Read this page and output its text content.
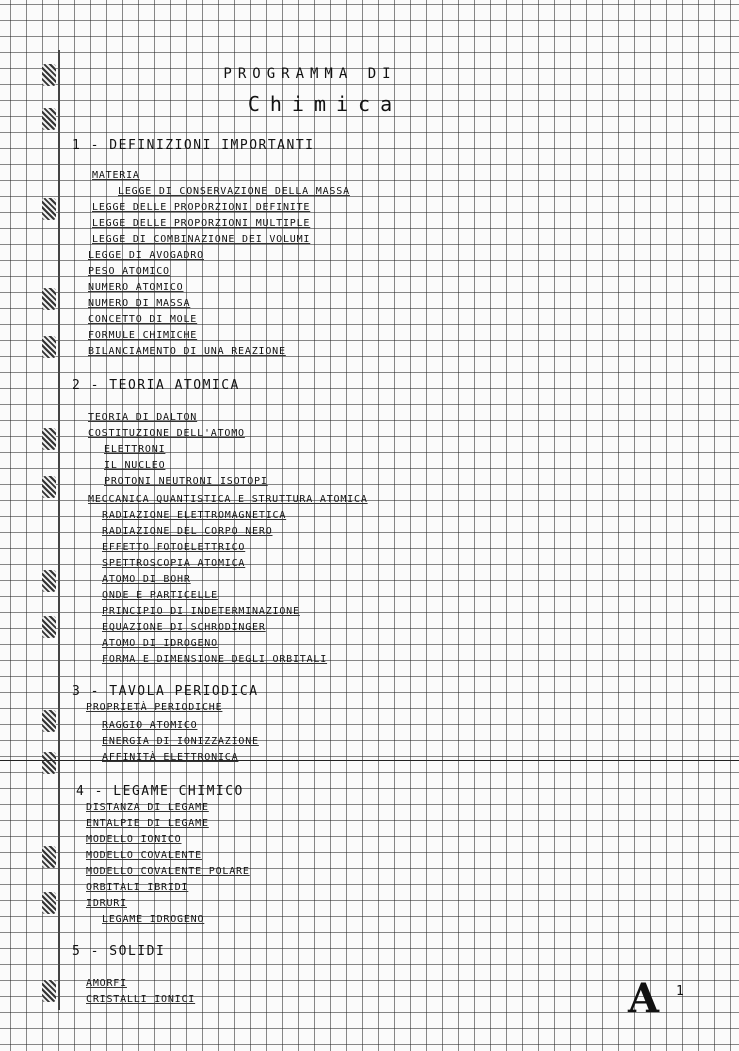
PROGRAMMA DI
Chimica
1 - DEFINIZIONI IMPORTANTI
MATERIA
LEGGE DI CONSERVAZIONE DELLA MASSA
LEGGE DELLE PROPORZIONI DEFINITE
LEGGE DELLE PROPORZIONI MULTIPLE
LEGGE DI COMBINAZIONE DEI VOLUMI
LEGGE DI AVOGADRO
PESO ATOMICO
NUMERO ATOMICO
NUMERO DI MASSA
CONCETTO DI MOLE
FORMULE CHIMICHE
BILANCIAMENTO DI UNA REAZIONE
2 - TEORIA ATOMICA
TEORIA DI DALTON
COSTITUZIONE DELL'ATOMO
ELETTRONI
IL NUCLEO
PROTONI NEUTRONI ISOTOPI
MECCANICA QUANTISTICA E STRUTTURA ATOMICA
RADIAZIONE ELETTROMAGNETICA
RADIAZIONE DEL CORPO NERO
EFFETTO FOTOELETTRICO
SPETTROSCOPIA ATOMICA
ATOMO DI BOHR
ONDE E PARTICELLE
PRINCIPIO DI INDETERMINAZIONE
EQUAZIONE DI SCHRODINGER
ATOMO DI IDROGENO
FORMA E DIMENSIONE DEGLI ORBITALI
3 - TAVOLA PERIODICA
PROPRIETÀ PERIODICHE
RAGGIO ATOMICO
ENERGIA DI IONIZZAZIONE
AFFINITÀ ELETTRONICA
4 - LEGAME CHIMICO
DISTANZA DI LEGAME
ENTALPIE DI LEGAME
MODELLO IONICO
MODELLO COVALENTE
MODELLO COVALENTE POLARE
ORBITALI IBRIDI
IDRURI
LEGAME IDROGENO
5 - SOLIDI
AMORFI
CRISTALLI IONICI	A 1
